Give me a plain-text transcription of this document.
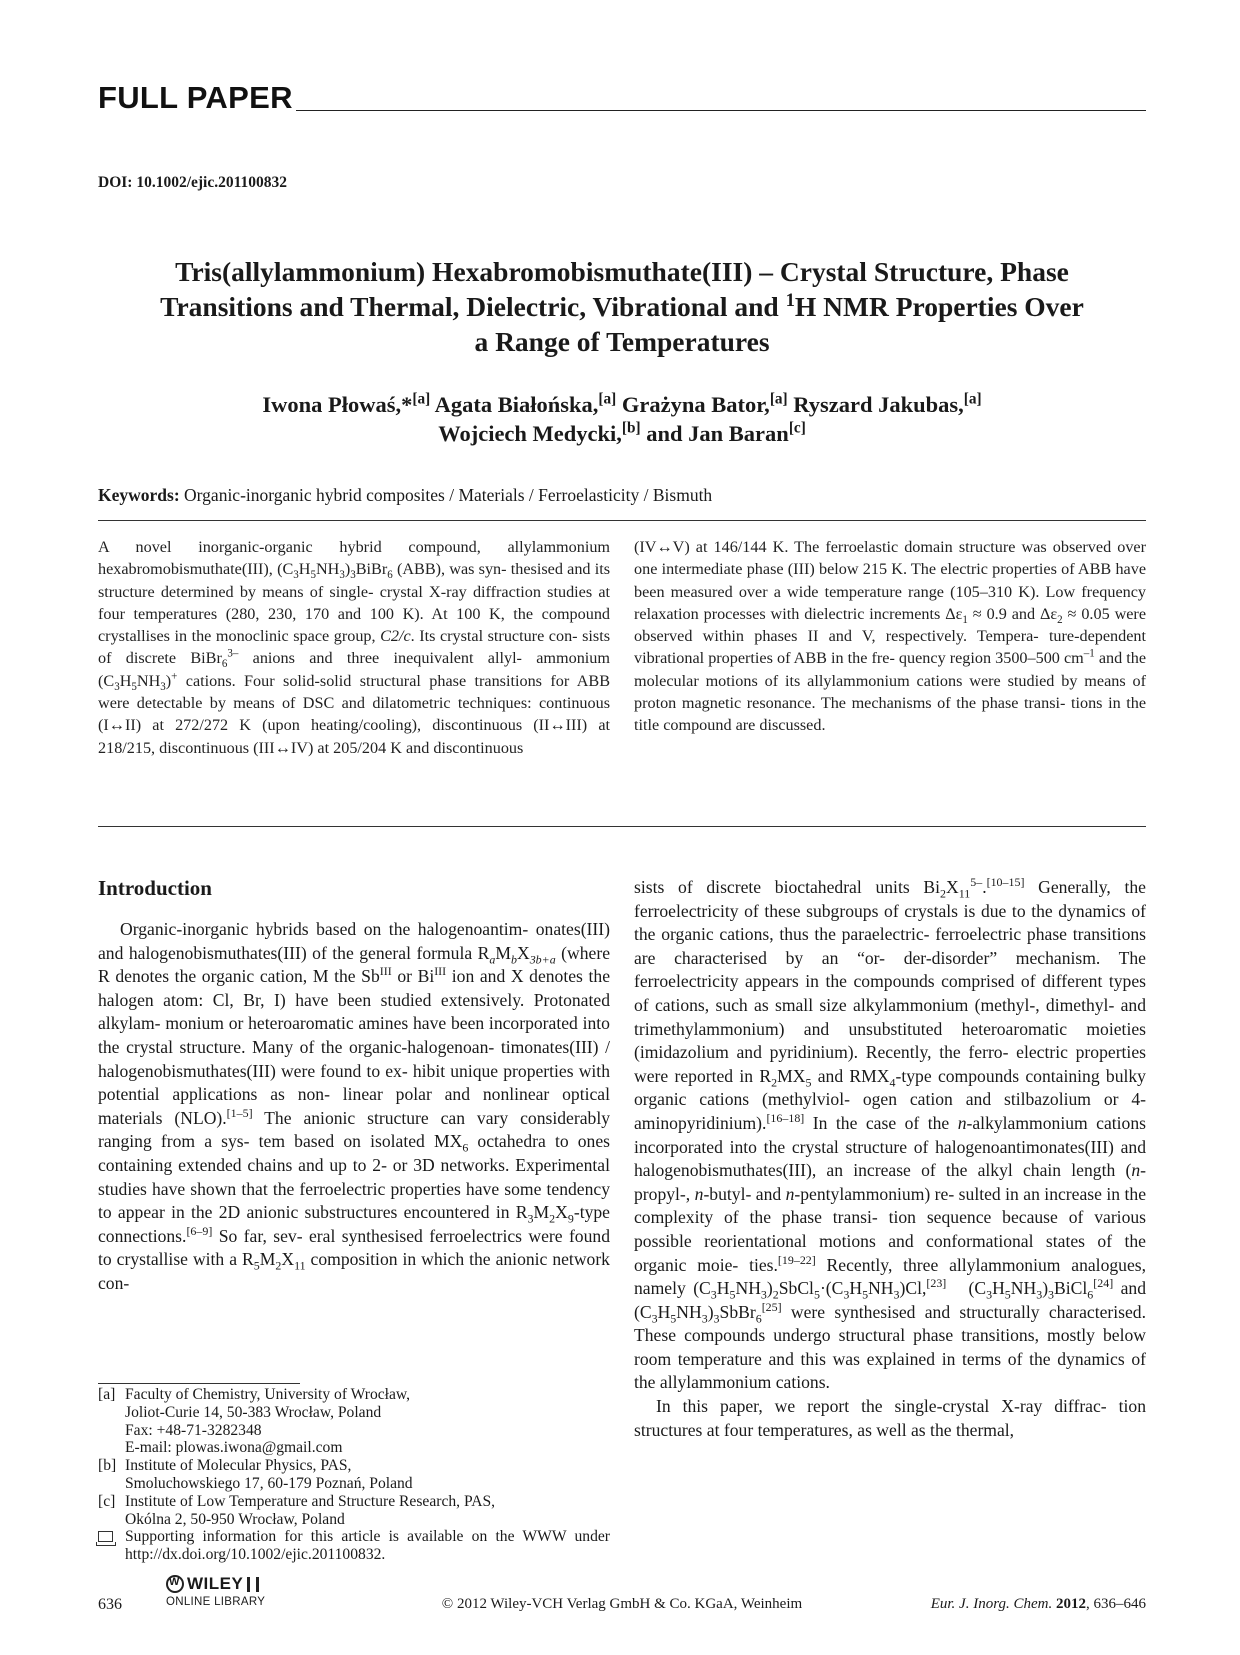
FULL PAPER
DOI: 10.1002/ejic.201100832
Tris(allylammonium) Hexabromobismuthate(III) – Crystal Structure, Phase
Transitions and Thermal, Dielectric, Vibrational and $^1$H NMR Properties Over
a Range of Temperatures
Iwona Płowaś,*[a] Agata Białońska,[a] Grażyna Bator,[a] Ryszard Jakubas,[a]
Wojciech Medycki,[b] and Jan Baran[c]
Keywords: Organic-inorganic hybrid composites / Materials / Ferroelasticity / Bismuth
A novel inorganic-organic hybrid compound, allylammonium hexabromobismuthate(III), $(C_3H_5NH_3)_3BiBr_6$ (ABB), was syn- thesised and its structure determined by means of single- crystal X-ray diffraction studies at four temperatures (280, 230, 170 and 100 K). At 100 K, the compound crystallises in the monoclinic space group, C2/c. Its crystal structure con- sists of discrete BiBr$_6^{3-}$ anions and three inequivalent allyl- ammonium $(C_3H_5NH_3)^+$ cations. Four solid-solid structural phase transitions for ABB were detectable by means of DSC and dilatometric techniques: continuous (I↔II) at 272/272 K (upon heating/cooling), discontinuous (II↔III) at 218/215, discontinuous (III↔IV) at 205/204 K and discontinuous
(IV↔V) at 146/144 K. The ferroelastic domain structure was observed over one intermediate phase (III) below 215 K. The electric properties of ABB have been measured over a wide temperature range (105–310 K). Low frequency relaxation processes with dielectric increments $\Delta\varepsilon_1 \approx 0.9$ and $\Delta\varepsilon_2 \approx 0.05$ were observed within phases II and V, respectively. Tempera- ture-dependent vibrational properties of ABB in the fre- quency region 3500–500 $cm^{-1}$ and the molecular motions of its allylammonium cations were studied by means of proton magnetic resonance. The mechanisms of the phase transi- tions in the title compound are discussed.
Introduction

Organic-inorganic hybrids based on the halogenoantim- onates(III) and halogenobismuthates(III) of the general formula $R_aM_bX_{3b+a}$ (where R denotes the organic cation, M the $Sb^{III}$ or $Bi^{III}$ ion and X denotes the halogen atom: Cl, Br, I) have been studied extensively. Protonated alkylam- monium or heteroaromatic amines have been incorporated into the crystal structure. Many of the organic-halogenoan- timonates(III) / halogenobismuthates(III) were found to ex- hibit unique properties with potential applications as non- linear polar and nonlinear optical materials (NLO).[1–5] The anionic structure can vary considerably ranging from a sys- tem based on isolated $MX_6$ octahedra to ones containing extended chains and up to 2- or 3D networks. Experimental studies have shown that the ferroelectric properties have some tendency to appear in the 2D anionic substructures encountered in $R_3M_2X_9$-type connections.[6–9] So far, sev- eral synthesised ferroelectrics were found to crystallise with a $R_5M_2X_{11}$ composition in which the anionic network con-

sists of discrete bioctahedral units $Bi_2X_{11}^{5-}.[10-15]$ Generally, the ferroelectricity of these subgroups of crystals is due to the dynamics of the organic cations, thus the paraelectric- ferroelectric phase transitions are characterised by an “or- der-disorder” mechanism. The ferroelectricity appears in the compounds comprised of different types of cations, such as small size alkylammonium (methyl-, dimethyl- and trimethylammonium) and unsubstituted heteroaromatic moieties (imidazolium and pyridinium). Recently, the ferro- electric properties were reported in $R_2MX_5$ and $RMX_4$-type compounds containing bulky organic cations (methylviol- ogen cation and stilbazolium or 4-aminopyridinium).[16–18] In the case of the n-alkylammonium cations incorporated into the crystal structure of halogenoantimonates(III) and halogenobismuthates(III), an increase of the alkyl chain length (n-propyl-, n-butyl- and n-pentylammonium) re- sulted in an increase in the complexity of the phase transi- tion sequence because of various possible reorientational motions and conformational states of the organic moie- ties.[19–22] Recently, three allylammonium analogues, namely $(C_3H_5NH_3)_2SbCl_5\cdot(C_3H_5NH_3)Cl,[23]$ $(C_3H_5NH_3)_3BiCl_6[24]$ and $(C_3H_5NH_3)_3SbBr_6[25]$ were synthesised and structurally characterised. These compounds undergo structural phase transitions, mostly below room temperature and this was explained in terms of the dynamics of the allylammonium cations.

In this paper, we report the single-crystal X-ray diffrac- tion structures at four temperatures, as well as the thermal,

[a] Faculty of Chemistry, University of Wrocław,
Joliot-Curie 14, 50-383 Wrocław, Poland
Fax: +48-71-3282348
E-mail: plowas.iwona@gmail.com
[b] Institute of Molecular Physics, PAS,
Smoluchowskiego 17, 60-179 Poznań, Poland
[c] Institute of Low Temperature and Structure Research, PAS,
Okólna 2, 50-950 Wrocław, Poland
Supporting information for this article is available on the WWW under http://dx.doi.org/10.1002/ejic.201100832.
636
W
WILEY
ONLINE LIBRARY	© 2012 Wiley-VCH Verlag GmbH & Co. KGaA, Weinheim	Eur. J. Inorg. Chem. 2012, 636–646
